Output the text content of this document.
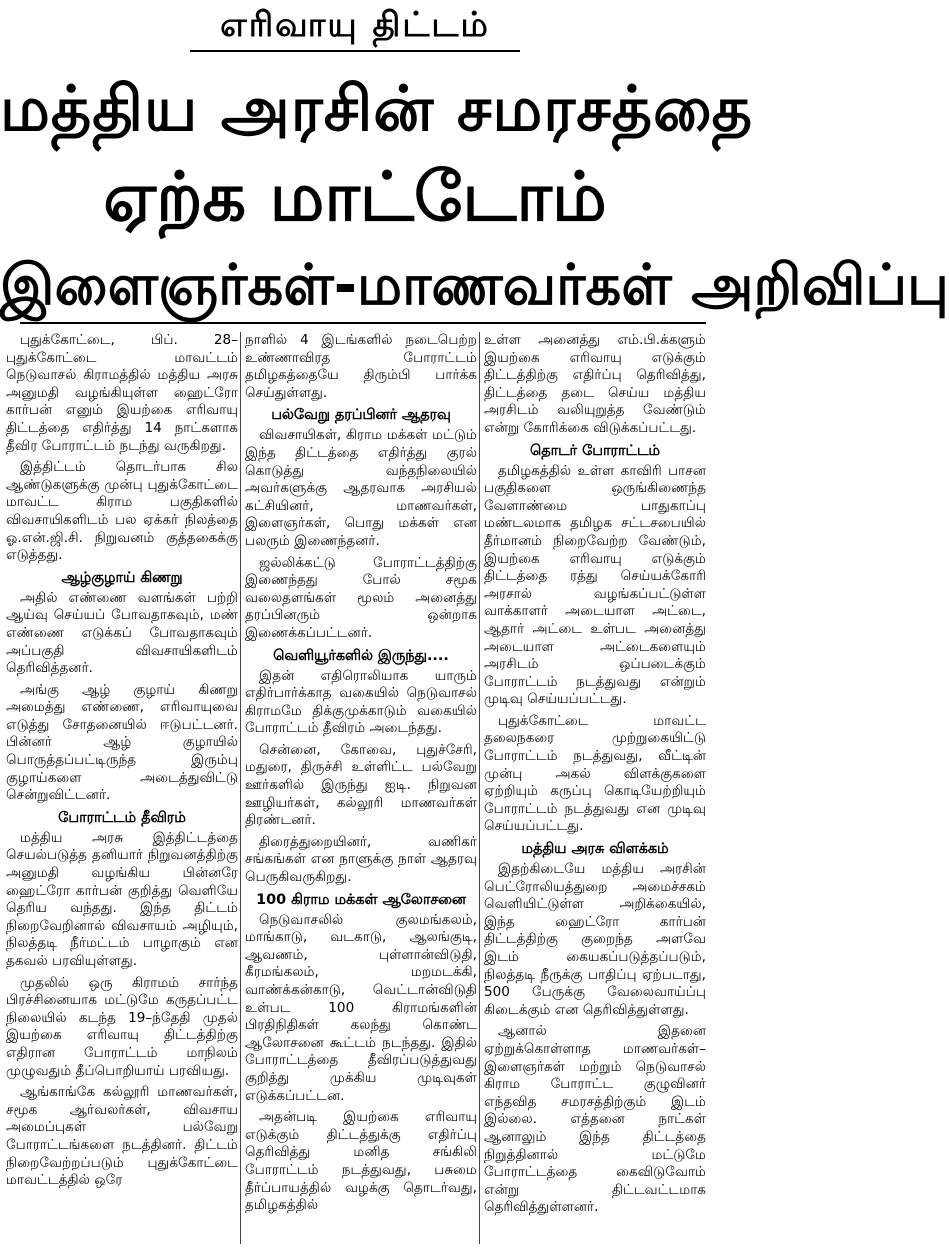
எரிவாயு திட்டம்
மத்திய அரசின் சமரசத்தை
ஏற்க மாட்டோம்
இளைஞர்கள்-மாணவர்கள் அறிவிப்பு

புதுக்கோட்டை, பிப். 28– புதுக்கோட்டை மாவட்டம் நெடுவாசல் கிராமத்தில் மத்திய அரசு அனுமதி வழங்கியுள்ள ஹைட்ரோ கார்பன் எனும் இயற்கை எரிவாயு திட்டத்தை எதிர்த்து 14 நாட்களாக தீவிர போராட்டம் நடந்து வருகிறது.

இத்திட்டம் தொடர்பாக சில ஆண்டுகளுக்கு முன்பு புதுக்கோட்டை மாவட்ட கிராம பகுதிகளில் விவசாயிகளிடம் பல ஏக்கர் நிலத்தை ஓ.என்.ஜி.சி. நிறுவனம் குத்தகைக்கு எடுத்தது.

ஆழ்குழாய் கிணறு

அதில் எண்ணை வளங்கள் பற்றி ஆய்வு செய்யப் போவதாகவும், மண் எண்ணை எடுக்கப் போவதாகவும் அப்பகுதி விவசாயிகளிடம் தெரிவித்தனர்.

அங்கு ஆழ் குழாய் கிணறு அமைத்து எண்ணை, எரிவாயுவை எடுத்து சோதனையில் ஈடுபட்டனர். பின்னர் ஆழ் குழாயில் பொருத்தப்பட்டிருந்த இரும்பு குழாய்களை அடைத்துவிட்டு சென்றுவிட்டனர்.

போராட்டம் தீவிரம்

மத்திய அரசு இத்திட்டத்தை செயல்படுத்த தனியார் நிறுவனத்திற்கு அனுமதி வழங்கிய பின்னரே ஹைட்ரோ கார்பன் குறித்து வெளியே தெரிய வந்தது. இந்த திட்டம் நிறைவேறினால் விவசாயம் அழியும், நிலத்தடி நீர்மட்டம் பாழாகும் என தகவல் பரவியுள்ளது.

முதலில் ஒரு கிராமம் சார்ந்த பிரச்சினையாக மட்டுமே கருதப்பட்ட நிலையில் கடந்த 19–ந்தேதி முதல் இயற்கை எரிவாயு திட்டத்திற்கு எதிரான போராட்டம் மாநிலம் முழுவதும் தீப்பொறியாய் பரவியது.

ஆங்காங்கே கல்லூரி மாணவர்கள், சமூக ஆர்வலர்கள், விவசாய அமைப்புகள் பல்வேறு போராட்டங்களை நடத்தினர். திட்டம் நிறைவேற்றப்படும் புதுக்கோட்டை மாவட்டத்தில் ஒரே

நாளில் 4 இடங்களில் நடைபெற்ற உண்ணாவிரத போராட்டம் தமிழகத்தையே திரும்பி பார்க்க செய்துள்ளது.

பல்வேறு தரப்பினர் ஆதரவு

விவசாயிகள், கிராம மக்கள் மட்டும் இந்த திட்டத்தை எதிர்த்து குரல் கொடுத்து வந்தநிலையில் அவர்களுக்கு ஆதரவாக அரசியல் கட்சியினர், மாணவர்கள், இளைஞர்கள், பொது மக்கள் என பலரும் இணைந்தனர்.

ஜல்லிக்கட்டு போராட்டத்திற்கு இணைந்தது போல் சமூக வலைதளங்கள் மூலம் அனைத்து தரப்பினரும் ஒன்றாக இணைக்கப்பட்டனர்.

வெளியூர்களில் இருந்து....

இதன் எதிரொலியாக யாரும் எதிர்பார்க்காத வகையில் நெடுவாசல் கிராமமே திக்குமுக்காடும் வகையில் போராட்டம் தீவிரம் அடைந்தது.

சென்னை, கோவை, புதுச்சேரி, மதுரை, திருச்சி உள்ளிட்ட பல்வேறு ஊர்களில் இருந்து ஐடி. நிறுவன ஊழியர்கள், கல்லூரி மாணவர்கள் திரண்டனர்.

திரைத்துறையினர், வணிகர் சங்கங்கள் என நாளுக்கு நாள் ஆதரவு பெருகிவருகிறது.

100 கிராம மக்கள் ஆலோசனை

நெடுவாசலில் குலமங்கலம், மாங்காடு, வடகாடு, ஆலங்குடி, ஆவணம், புள்ளான்விடுதி, கீரமங்கலம், மறமடக்கி, வாண்க்கன்காடு, வெட்டான்விடுதி உள்பட 100 கிராமங்களின் பிரதிநிதிகள் கலந்து கொண்ட ஆலோசனை கூட்டம் நடந்தது. இதில் போராட்டத்தை தீவிரப்படுத்துவது குறித்து முக்கிய முடிவுகள் எடுக்கப்பட்டன.

அதன்படி இயற்கை எரிவாயு எடுக்கும் திட்டத்துக்கு எதிர்ப்பு தெரிவித்து மனித சங்கிலி போராட்டம் நடத்துவது, பசுமை தீர்ப்பாயத்தில் வழக்கு தொடர்வது, தமிழகத்தில்

உள்ள அனைத்து எம்.பி.க்களும் இயற்கை எரிவாயு எடுக்கும் திட்டத்திற்கு எதிர்ப்பு தெரிவித்து, திட்டத்தை தடை செய்ய மத்திய அரசிடம் வலியுறுத்த வேண்டும் என்று கோரிக்கை விடுக்கப்பட்டது.

தொடர் போராட்டம்

தமிழகத்தில் உள்ள காவிரி பாசன பகுதிகளை ஒருங்கிணைந்த வேளாண்மை பாதுகாப்பு மண்டலமாக தமிழக சட்டசபையில் தீர்மானம் நிறைவேற்ற வேண்டும், இயற்கை எரிவாயு எடுக்கும் திட்டத்தை ரத்து செய்யக்கோரி அரசால் வழங்கப்பட்டுள்ள வாக்காளர் அடையாள அட்டை, ஆதார் அட்டை உள்பட அனைத்து அடையாள அட்டைகளையும் அரசிடம் ஒப்படைக்கும் போராட்டம் நடத்துவது என்றும் முடிவு செய்யப்பட்டது.

புதுக்கோட்டை மாவட்ட தலைநகரை முற்றுகையிட்டு போராட்டம் நடத்துவது, வீட்டின் முன்பு அகல் விளக்குகளை ஏற்றியும் கருப்பு கொடியேற்றியும் போராட்டம் நடத்துவது என முடிவு செய்யப்பட்டது.

மத்திய அரசு விளக்கம்

இதற்கிடையே மத்திய அரசின் பெட்ரோலியத்துறை அமைச்சகம் வெளியிட்டுள்ள அறிக்கையில், இந்த ஹைட்ரோ கார்பன் திட்டத்திற்கு குறைந்த அளவே இடம் கையகப்படுத்தப்படும், நிலத்தடி நீருக்கு பாதிப்பு ஏற்படாது, 500 பேருக்கு வேலைவாய்ப்பு கிடைக்கும் என தெரிவித்துள்ளது.

ஆனால் இதனை ஏற்றுக்கொள்ளாத மாணவர்கள்– இளைஞர்கள் மற்றும் நெடுவாசல் கிராம போராட்ட குழுவினர் எந்தவித சமரசத்திற்கும் இடம் இல்லை. எத்தனை நாட்கள் ஆனாலும் இந்த திட்டத்தை நிறுத்தினால் மட்டுமே போராட்டத்தை கைவிடுவோம் என்று திட்டவட்டமாக தெரிவித்துள்ளனர்.
